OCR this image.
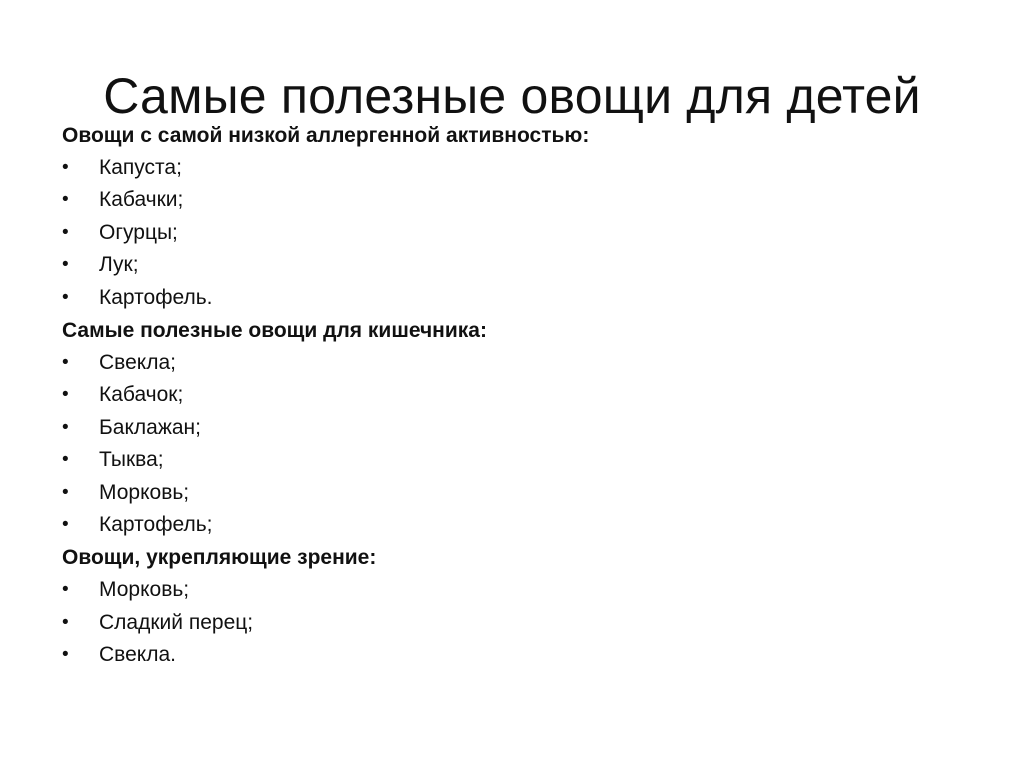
Самые полезные овощи для детей

Овощи с самой низкой аллергенной активностью:

• Капуста;
• Кабачки;
• Огурцы;
• Лук;
• Картофель.

Самые полезные овощи для кишечника:

• Свекла;
• Кабачок;
• Баклажан;
• Тыква;
• Морковь;
• Картофель;

Овощи, укрепляющие зрение:

• Морковь;
• Сладкий перец;
• Свекла.
